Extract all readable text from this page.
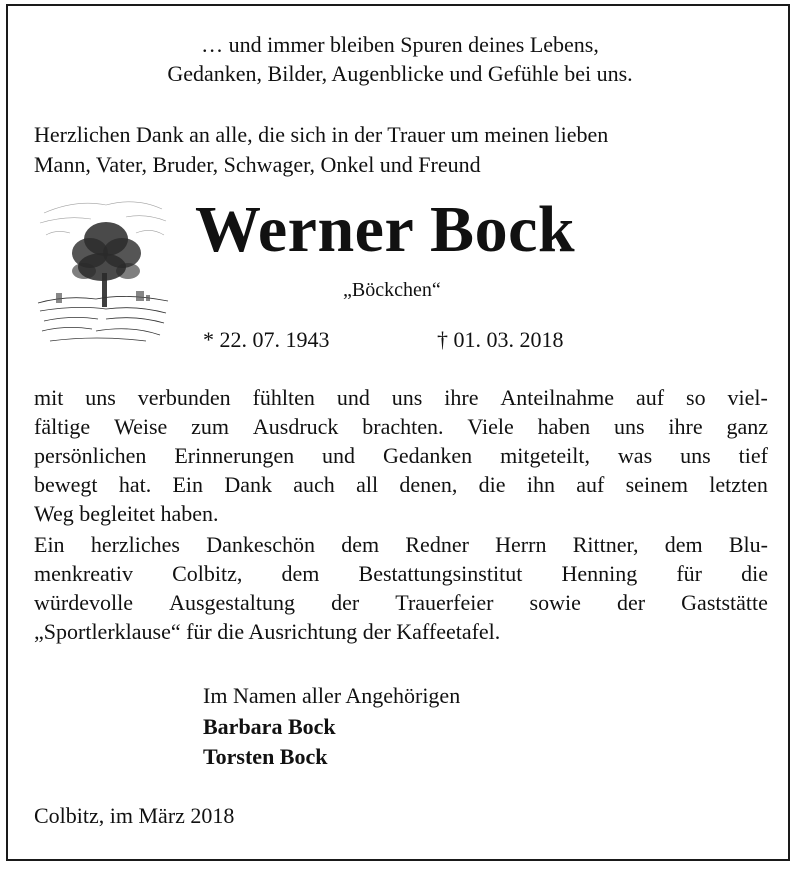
… und immer bleiben Spuren deines Lebens,
Gedanken, Bilder, Augenblicke und Gefühle bei uns.
Herzlichen Dank an alle, die sich in der Trauer um meinen lieben
Mann, Vater, Bruder, Schwager, Onkel und Freund
Werner Bock
„Böckchen“
* 22. 07. 1943	† 01. 03. 2018
mit uns verbunden fühlten und uns ihre Anteilnahme auf so viel-
fältige Weise zum Ausdruck brachten. Viele haben uns ihre ganz
persönlichen Erinnerungen und Gedanken mitgeteilt, was uns tief
bewegt hat. Ein Dank auch all denen, die ihn auf seinem letzten
Weg begleitet haben.
Ein herzliches Dankeschön dem Redner Herrn Rittner, dem Blu-
menkreativ Colbitz, dem Bestattungsinstitut Henning für die
würdevolle Ausgestaltung der Trauerfeier sowie der Gaststätte
„Sportlerklause“ für die Ausrichtung der Kaffeetafel.
Im Namen aller Angehörigen
Barbara Bock
Torsten Bock
Colbitz, im März 2018
